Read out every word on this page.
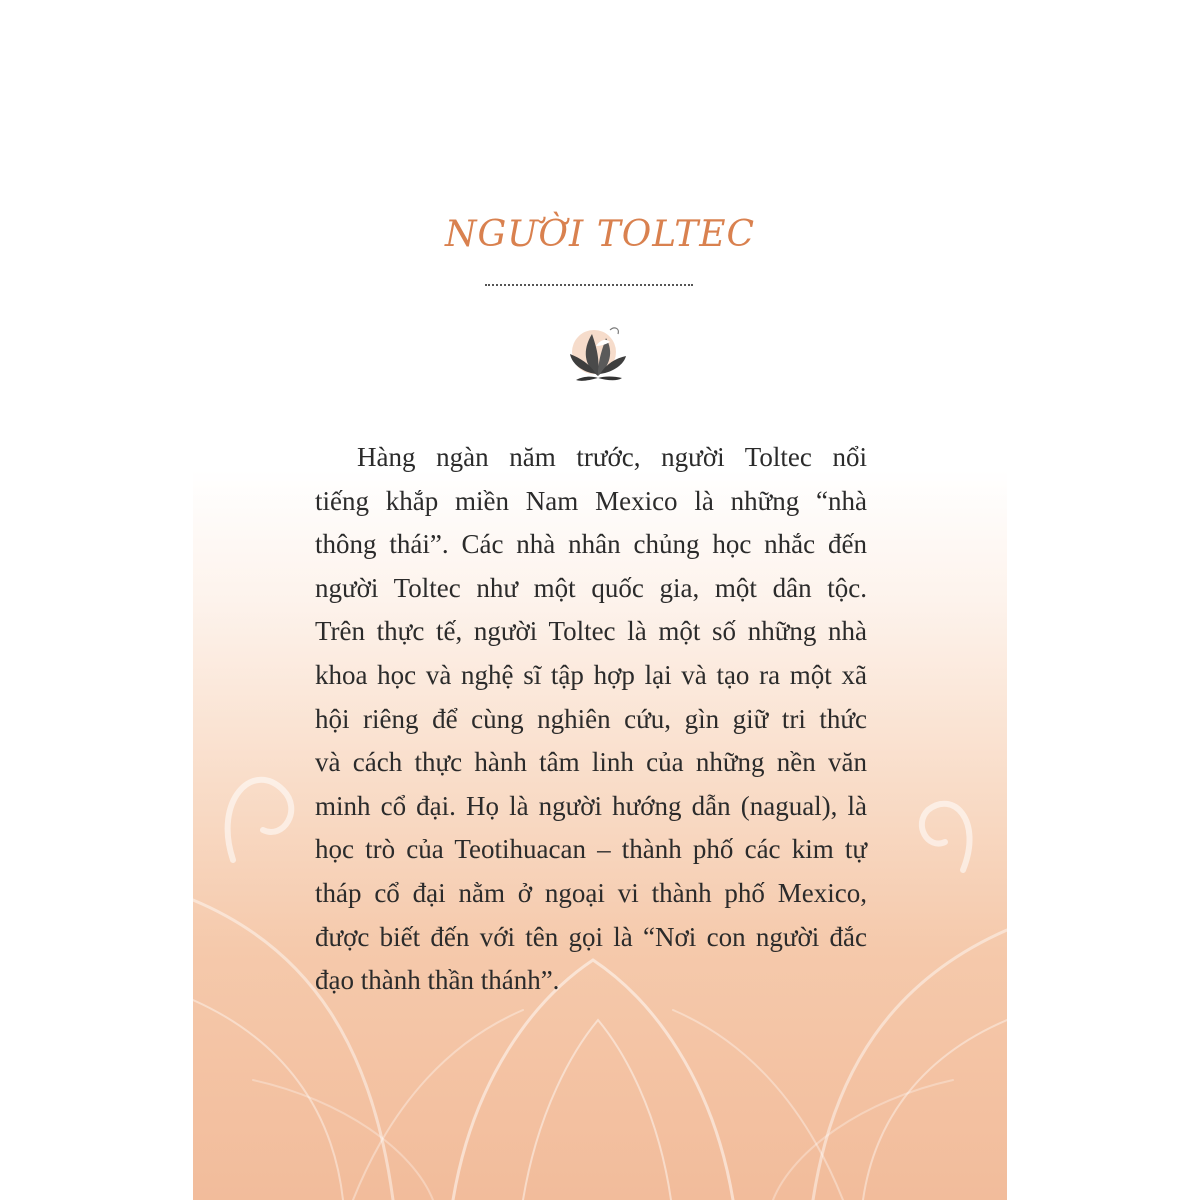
NGƯỜI TOLTEC
Hàng ngàn năm trước, người Toltec nổi
tiếng khắp miền Nam Mexico là những “nhà
thông thái”. Các nhà nhân chủng học nhắc đến
người Toltec như một quốc gia, một dân tộc.
Trên thực tế, người Toltec là một số những nhà
khoa học và nghệ sĩ tập hợp lại và tạo ra một xã
hội riêng để cùng nghiên cứu, gìn giữ tri thức
và cách thực hành tâm linh của những nền văn
minh cổ đại. Họ là người hướng dẫn (nagual), là
học trò của Teotihuacan – thành phố các kim tự
tháp cổ đại nằm ở ngoại vi thành phố Mexico,
được biết đến với tên gọi là “Nơi con người đắc
đạo thành thần thánh”.
